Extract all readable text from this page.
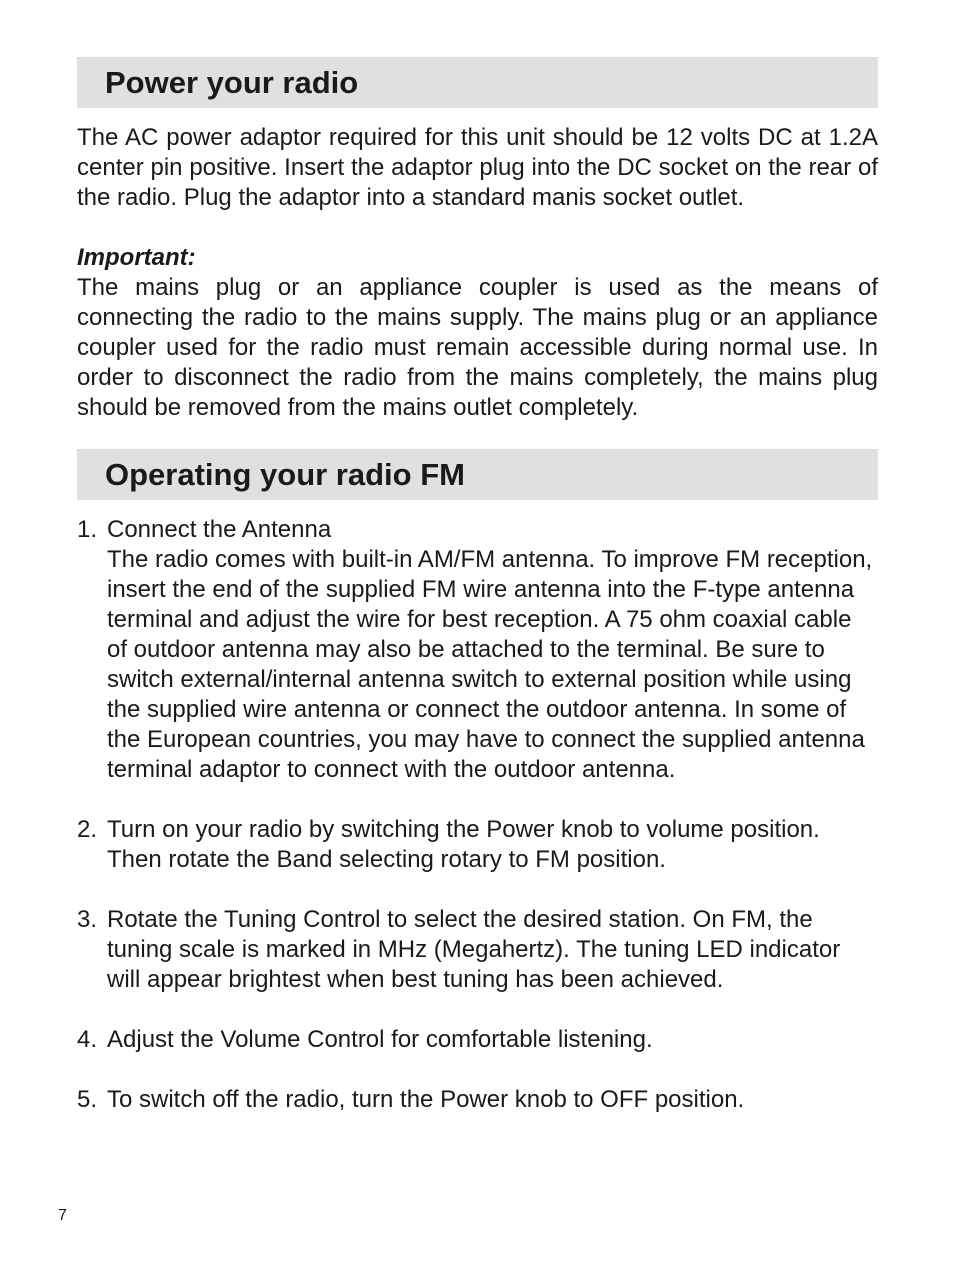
Power your radio

The AC power adaptor required for this unit should be 12 volts DC at 1.2A center pin positive. Insert the adaptor plug into the DC socket on the rear of the radio. Plug the adaptor into a standard manis socket outlet.

Important:

The mains plug or an appliance coupler is used as the means of connecting the radio to the mains supply. The mains plug or an appliance coupler used for the radio must remain accessible during normal use. In order to disconnect the radio from the mains completely, the mains plug should be removed from the mains outlet completely.

Operating your radio FM
1. Connect the Antenna
The radio comes with built-in AM/FM antenna. To improve FM reception, insert the end of the supplied FM wire antenna into the F-type antenna terminal and adjust the wire for best reception. A 75 ohm coaxial cable of outdoor antenna may also be attached to the terminal. Be sure to switch external/internal antenna switch to external position while using the supplied wire antenna or connect the outdoor antenna. In some of the European countries, you may have to connect the supplied antenna terminal adaptor to connect with the outdoor antenna.
2. Turn on your radio by switching the Power knob to volume position. Then rotate the Band selecting rotary to FM position.
3. Rotate the Tuning Control to select the desired station. On FM, the tuning scale is marked in MHz (Megahertz). The tuning LED indicator will appear brightest when best tuning has been achieved.
4. Adjust the Volume Control for comfortable listening.
5. To switch off the radio, turn the Power knob to OFF position.
7
